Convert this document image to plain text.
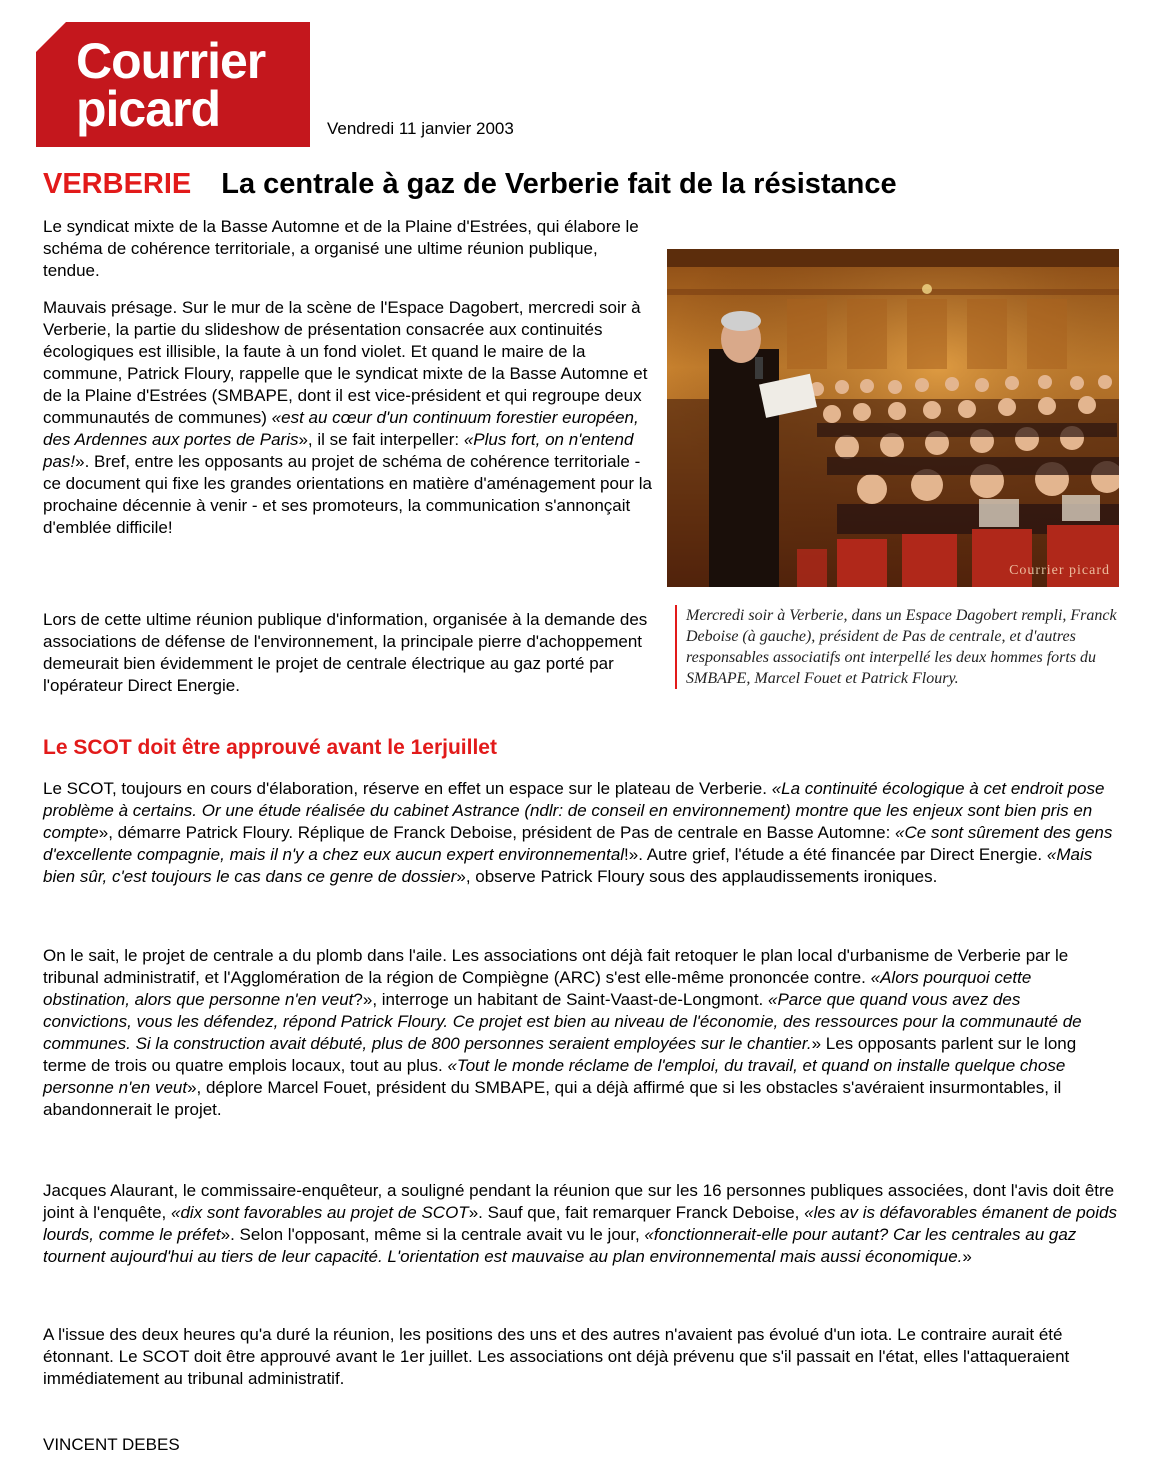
Courrier
picard	Vendredi 11 janvier 2003
VERBERIE La centrale à gaz de Verberie fait de la résistance

Le syndicat mixte de la Basse Automne et de la Plaine d'Estrées, qui élabore le schéma de cohérence territoriale, a organisé une ultime réunion publique, tendue.

Mauvais présage. Sur le mur de la scène de l'Espace Dagobert, mercredi soir à Verberie, la partie du slideshow de présentation consacrée aux continuités écologiques est illisible, la faute à un fond violet. Et quand le maire de la commune, Patrick Floury, rappelle que le syndicat mixte de la Basse Automne et de la Plaine d'Estrées (SMBAPE, dont il est vice-président et qui regroupe deux communautés de communes) «est au cœur d'un continuum forestier européen, des Ardennes aux portes de Paris», il se fait interpeller: «Plus fort, on n'entend pas!». Bref, entre les opposants au projet de schéma de cohérence territoriale - ce document qui fixe les grandes orientations en matière d'aménagement pour la prochaine décennie à venir - et ses promoteurs, la communication s'annonçait d'emblée difficile!

Lors de cette ultime réunion publique d'information, organisée à la demande des associations de défense de l'environnement, la principale pierre d'achoppement demeurait bien évidemment le projet de centrale électrique au gaz porté par l'opérateur Direct Energie.

Courrier picard
Mercredi soir à Verberie, dans un Espace Dagobert rempli, Franck Deboise (à gauche), président de Pas de centrale, et d'autres responsables associatifs ont interpellé les deux hommes forts du SMBAPE, Marcel Fouet et Patrick Floury.
Le SCOT doit être approuvé avant le 1erjuillet

Le SCOT, toujours en cours d'élaboration, réserve en effet un espace sur le plateau de Verberie. «La continuité écologique à cet endroit pose problème à certains. Or une étude réalisée du cabinet Astrance (ndlr: de conseil en environnement) montre que les enjeux sont bien pris en compte», démarre Patrick Floury. Réplique de Franck Deboise, président de Pas de centrale en Basse Automne: «Ce sont sûrement des gens d'excellente compagnie, mais il n'y a chez eux aucun expert environnemental!». Autre grief, l'étude a été financée par Direct Energie. «Mais bien sûr, c'est toujours le cas dans ce genre de dossier», observe Patrick Floury sous des applaudissements ironiques.

On le sait, le projet de centrale a du plomb dans l'aile. Les associations ont déjà fait retoquer le plan local d'urbanisme de Verberie par le tribunal administratif, et l'Agglomération de la région de Compiègne (ARC) s'est elle-même prononcée contre. «Alors pourquoi cette obstination, alors que personne n'en veut?», interroge un habitant de Saint-Vaast-de-Longmont. «Parce que quand vous avez des convictions, vous les défendez, répond Patrick Floury. Ce projet est bien au niveau de l'économie, des ressources pour la communauté de communes. Si la construction avait débuté, plus de 800 personnes seraient employées sur le chantier.» Les opposants parlent sur le long terme de trois ou quatre emplois locaux, tout au plus. «Tout le monde réclame de l'emploi, du travail, et quand on installe quelque chose personne n'en veut», déplore Marcel Fouet, président du SMBAPE, qui a déjà affirmé que si les obstacles s'avéraient insurmontables, il abandonnerait le projet.

Jacques Alaurant, le commissaire-enquêteur, a souligné pendant la réunion que sur les 16 personnes publiques associées, dont l'avis doit être joint à l'enquête, «dix sont favorables au projet de SCOT». Sauf que, fait remarquer Franck Deboise, «les av is défavorables émanent de poids lourds, comme le préfet». Selon l'opposant, même si la centrale avait vu le jour, «fonctionnerait-elle pour autant? Car les centrales au gaz tournent aujourd'hui au tiers de leur capacité. L'orientation est mauvaise au plan environnemental mais aussi économique.»

A l'issue des deux heures qu'a duré la réunion, les positions des uns et des autres n'avaient pas évolué d'un iota. Le contraire aurait été étonnant. Le SCOT doit être approuvé avant le 1er juillet. Les associations ont déjà prévenu que s'il passait en l'état, elles l'attaqueraient immédiatement au tribunal administratif.

VINCENT DEBES
